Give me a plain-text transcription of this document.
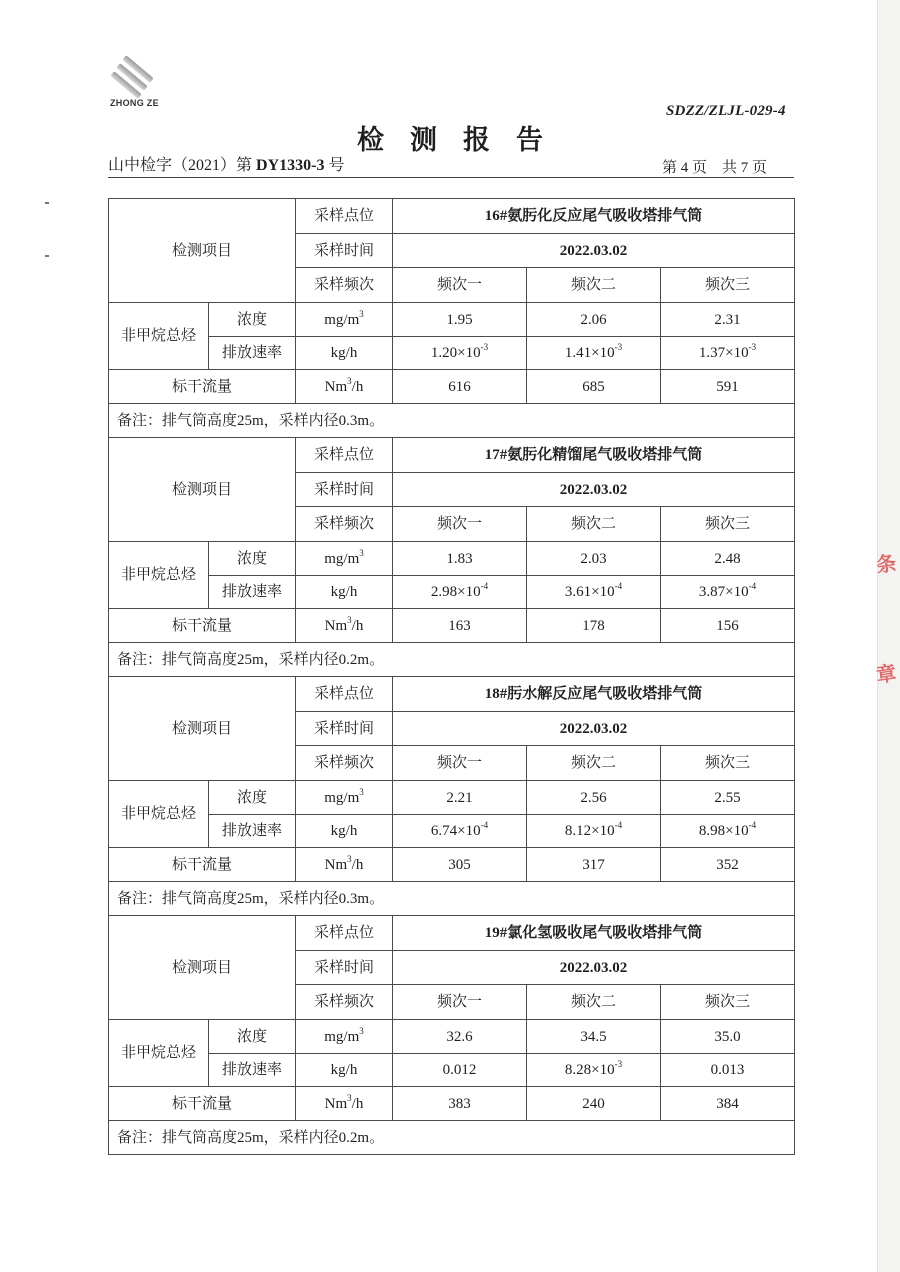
条
章
ZHONG ZE	SDZZ/ZLJL-029-4
检测报告
山中检字（2021）第 DY1330-3 号	第 4 页　共 7 页
检测项目		采样点位	16#氨肟化反应尾气吸收塔排气筒		
		采样时间	2022.03.02		
		采样频次	频次一	频次二	频次三
非甲烷总烃	浓度	$mg/m^3$	1.95	2.06	2.31
	排放速率	kg/h	$1.20\times 10^{-3}$	$1.41\times 10^{-3}$	$1.37\times 10^{-3}$
标干流量		Nm$^3$/h	616	685	591
备注：排气筒高度25m，采样内径0.3m。					
检测项目		采样点位	17#氨肟化精馏尾气吸收塔排气筒		
		采样时间	2022.03.02		
		采样频次	频次一	频次二	频次三
非甲烷总烃	浓度	$mg/m^3$	1.83	2.03	2.48
	排放速率	kg/h	$2.98\times 10^{-4}$	$3.61\times 10^{-4}$	$3.87\times 10^{-4}$
标干流量		Nm$^3$/h	163	178	156
备注：排气筒高度25m，采样内径0.2m。					
检测项目		采样点位	18#肟水解反应尾气吸收塔排气筒		
		采样时间	2022.03.02		
		采样频次	频次一	频次二	频次三
非甲烷总烃	浓度	$mg/m^3$	2.21	2.56	2.55
	排放速率	kg/h	$6.74\times 10^{-4}$	$8.12\times 10^{-4}$	$8.98\times 10^{-4}$
标干流量		Nm$^3$/h	305	317	352
备注：排气筒高度25m，采样内径0.3m。					
检测项目		采样点位	19#氯化氢吸收尾气吸收塔排气筒		
		采样时间	2022.03.02		
		采样频次	频次一	频次二	频次三
非甲烷总烃	浓度	$mg/m^3$	32.6	34.5	35.0
	排放速率	kg/h	0.012	$8.28\times 10^{-3}$	0.013
标干流量		Nm$^3$/h	383	240	384
备注：排气筒高度25m，采样内径0.2m。					
